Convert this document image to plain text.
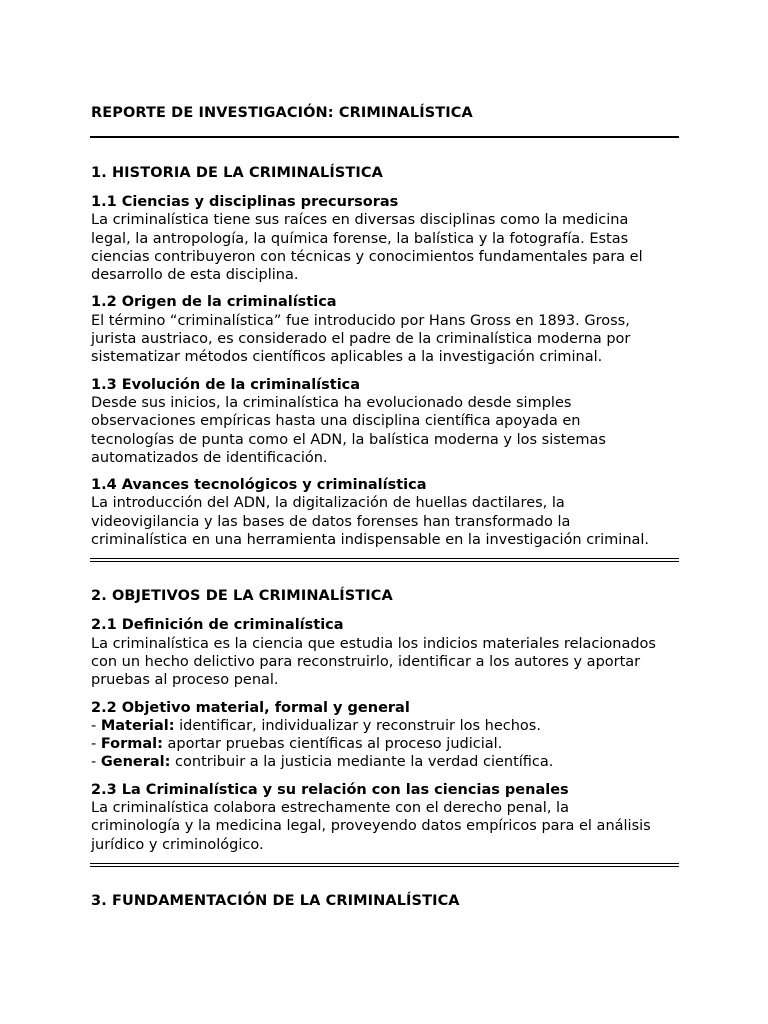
REPORTE DE INVESTIGACIÓN: CRIMINALÍSTICA
1. HISTORIA DE LA CRIMINALÍSTICA
1.1 Ciencias y disciplinas precursoras

La criminalística tiene sus raíces en diversas disciplinas como la medicina
legal, la antropología, la química forense, la balística y la fotografía. Estas
ciencias contribuyeron con técnicas y conocimientos fundamentales para el
desarrollo de esta disciplina.

1.2 Origen de la criminalística

El término “criminalística” fue introducido por Hans Gross en 1893. Gross,
jurista austriaco, es considerado el padre de la criminalística moderna por
sistematizar métodos científicos aplicables a la investigación criminal.

1.3 Evolución de la criminalística

Desde sus inicios, la criminalística ha evolucionado desde simples
observaciones empíricas hasta una disciplina científica apoyada en
tecnologías de punta como el ADN, la balística moderna y los sistemas
automatizados de identificación.

1.4 Avances tecnológicos y criminalística

La introducción del ADN, la digitalización de huellas dactilares, la
videovigilancia y las bases de datos forenses han transformado la
criminalística en una herramienta indispensable en la investigación criminal.

2. OBJETIVOS DE LA CRIMINALÍSTICA
2.1 Definición de criminalística

La criminalística es la ciencia que estudia los indicios materiales relacionados
con un hecho delictivo para reconstruirlo, identificar a los autores y aportar
pruebas al proceso penal.

2.2 Objetivo material, formal y general

- Material: identificar, individualizar y reconstruir los hechos.
- Formal: aportar pruebas científicas al proceso judicial.
- General: contribuir a la justicia mediante la verdad científica.

2.3 La Criminalística y su relación con las ciencias penales

La criminalística colabora estrechamente con el derecho penal, la
criminología y la medicina legal, proveyendo datos empíricos para el análisis
jurídico y criminológico.

3. FUNDAMENTACIÓN DE LA CRIMINALÍSTICA
